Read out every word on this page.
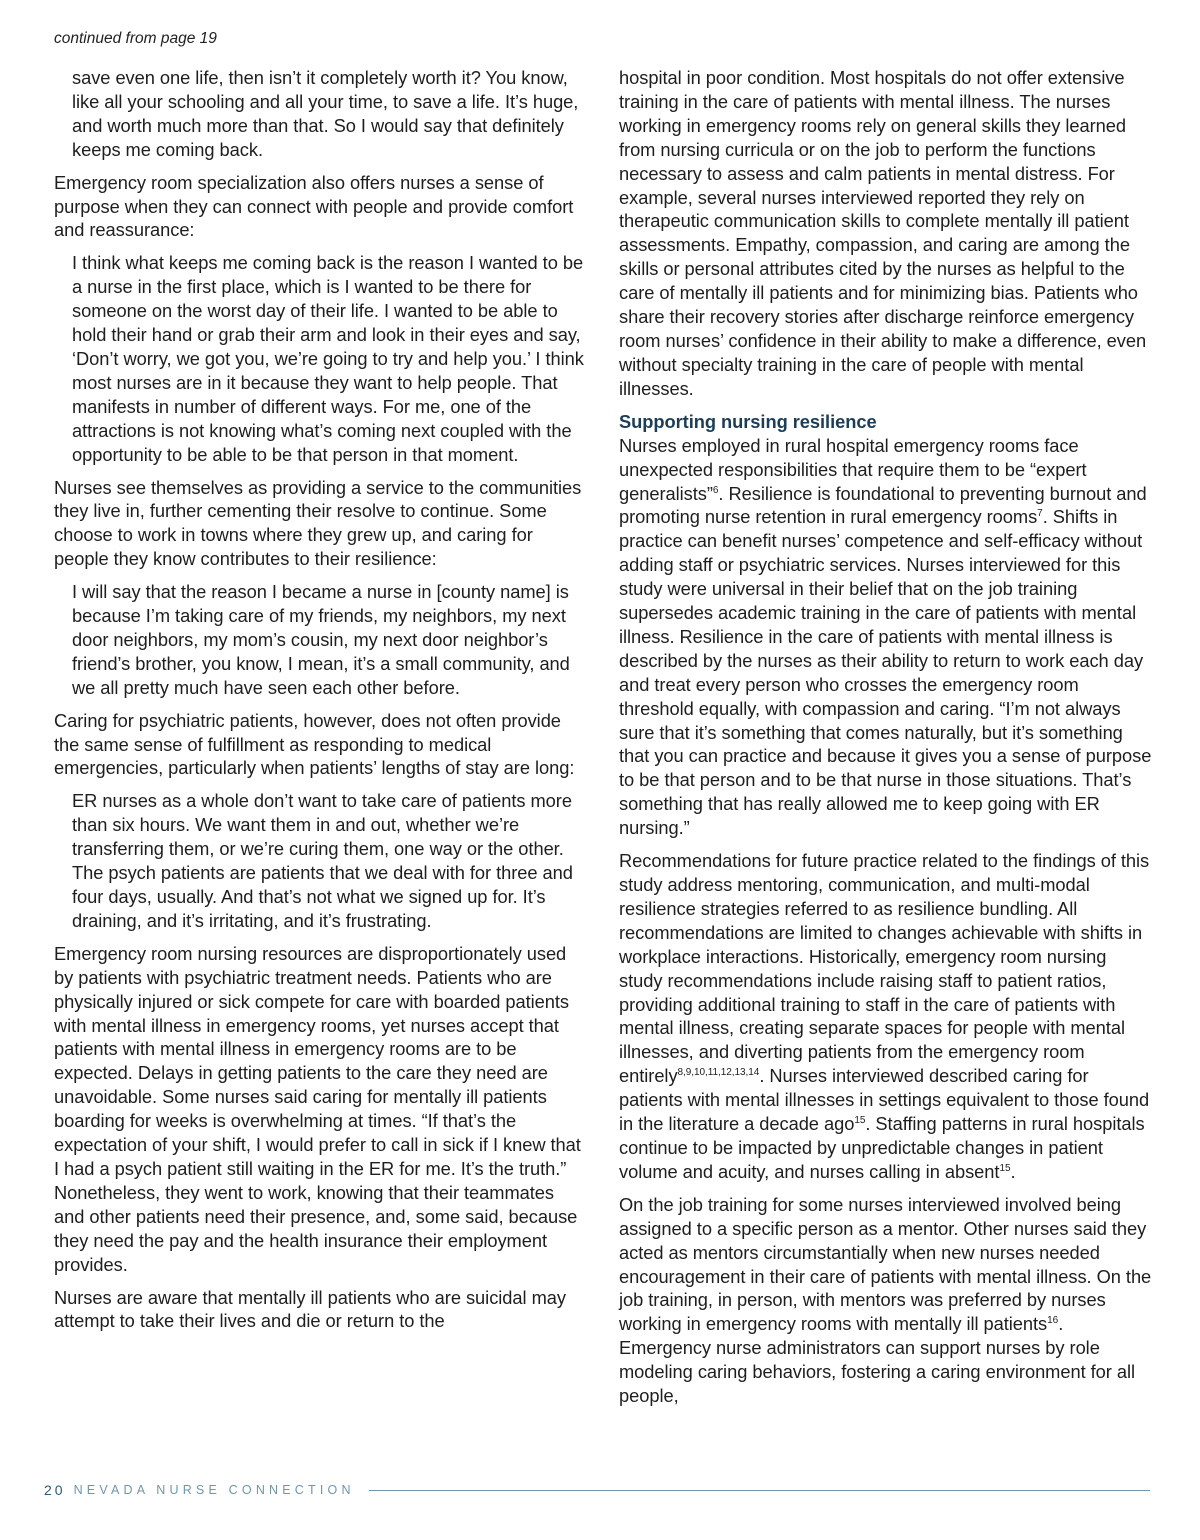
continued from page 19

save even one life, then isn’t it completely worth it? You know, like all your schooling and all your time, to save a life. It’s huge, and worth much more than that. So I would say that definitely keeps me coming back.

Emergency room specialization also offers nurses a sense of purpose when they can connect with people and provide comfort and reassurance:

I think what keeps me coming back is the reason I wanted to be a nurse in the first place, which is I wanted to be there for someone on the worst day of their life. I wanted to be able to hold their hand or grab their arm and look in their eyes and say, ‘Don’t worry, we got you, we’re going to try and help you.’ I think most nurses are in it because they want to help people. That manifests in number of different ways. For me, one of the attractions is not knowing what’s coming next coupled with the opportunity to be able to be that person in that moment.

Nurses see themselves as providing a service to the communities they live in, further cementing their resolve to continue. Some choose to work in towns where they grew up, and caring for people they know contributes to their resilience:

I will say that the reason I became a nurse in [county name] is because I’m taking care of my friends, my neighbors, my next door neighbors, my mom’s cousin, my next door neighbor’s friend’s brother, you know, I mean, it’s a small community, and we all pretty much have seen each other before.

Caring for psychiatric patients, however, does not often provide the same sense of fulfillment as responding to medical emergencies, particularly when patients’ lengths of stay are long:

ER nurses as a whole don’t want to take care of patients more than six hours. We want them in and out, whether we’re transferring them, or we’re curing them, one way or the other. The psych patients are patients that we deal with for three and four days, usually. And that’s not what we signed up for. It’s draining, and it’s irritating, and it’s frustrating.

Emergency room nursing resources are disproportionately used by patients with psychiatric treatment needs. Patients who are physically injured or sick compete for care with boarded patients with mental illness in emergency rooms, yet nurses accept that patients with mental illness in emergency rooms are to be expected. Delays in getting patients to the care they need are unavoidable. Some nurses said caring for mentally ill patients boarding for weeks is overwhelming at times. “If that’s the expectation of your shift, I would prefer to call in sick if I knew that I had a psych patient still waiting in the ER for me. It’s the truth.” Nonetheless, they went to work, knowing that their teammates and other patients need their presence, and, some said, because they need the pay and the health insurance their employment provides.

Nurses are aware that mentally ill patients who are suicidal may attempt to take their lives and die or return to the

hospital in poor condition. Most hospitals do not offer extensive training in the care of patients with mental illness. The nurses working in emergency rooms rely on general skills they learned from nursing curricula or on the job to perform the functions necessary to assess and calm patients in mental distress. For example, several nurses interviewed reported they rely on therapeutic communication skills to complete mentally ill patient assessments. Empathy, compassion, and caring are among the skills or personal attributes cited by the nurses as helpful to the care of mentally ill patients and for minimizing bias. Patients who share their recovery stories after discharge reinforce emergency room nurses’ confidence in their ability to make a difference, even without specialty training in the care of people with mental illnesses.

Supporting nursing resilience

Nurses employed in rural hospital emergency rooms face unexpected responsibilities that require them to be “expert generalists”$^6$. Resilience is foundational to preventing burnout and promoting nurse retention in rural emergency rooms$^7$. Shifts in practice can benefit nurses’ competence and self-efficacy without adding staff or psychiatric services. Nurses interviewed for this study were universal in their belief that on the job training supersedes academic training in the care of patients with mental illness. Resilience in the care of patients with mental illness is described by the nurses as their ability to return to work each day and treat every person who crosses the emergency room threshold equally, with compassion and caring. “I’m not always sure that it’s something that comes naturally, but it’s something that you can practice and because it gives you a sense of purpose to be that person and to be that nurse in those situations. That’s something that has really allowed me to keep going with ER nursing.”

Recommendations for future practice related to the findings of this study address mentoring, communication, and multi-modal resilience strategies referred to as resilience bundling. All recommendations are limited to changes achievable with shifts in workplace interactions. Historically, emergency room nursing study recommendations include raising staff to patient ratios, providing additional training to staff in the care of patients with mental illness, creating separate spaces for people with mental illnesses, and diverting patients from the emergency room entirely$^{8,9,10,11,12,13,14}$. Nurses interviewed described caring for patients with mental illnesses in settings equivalent to those found in the literature a decade ago$^{15}$. Staffing patterns in rural hospitals continue to be impacted by unpredictable changes in patient volume and acuity, and nurses calling in absent$^{15}$.

On the job training for some nurses interviewed involved being assigned to a specific person as a mentor. Other nurses said they acted as mentors circumstantially when new nurses needed encouragement in their care of patients with mental illness. On the job training, in person, with mentors was preferred by nurses working in emergency rooms with mentally ill patients$^{16}$. Emergency nurse administrators can support nurses by role modeling caring behaviors, fostering a caring environment for all people,

20 NEVADA NURSE CONNECTION
